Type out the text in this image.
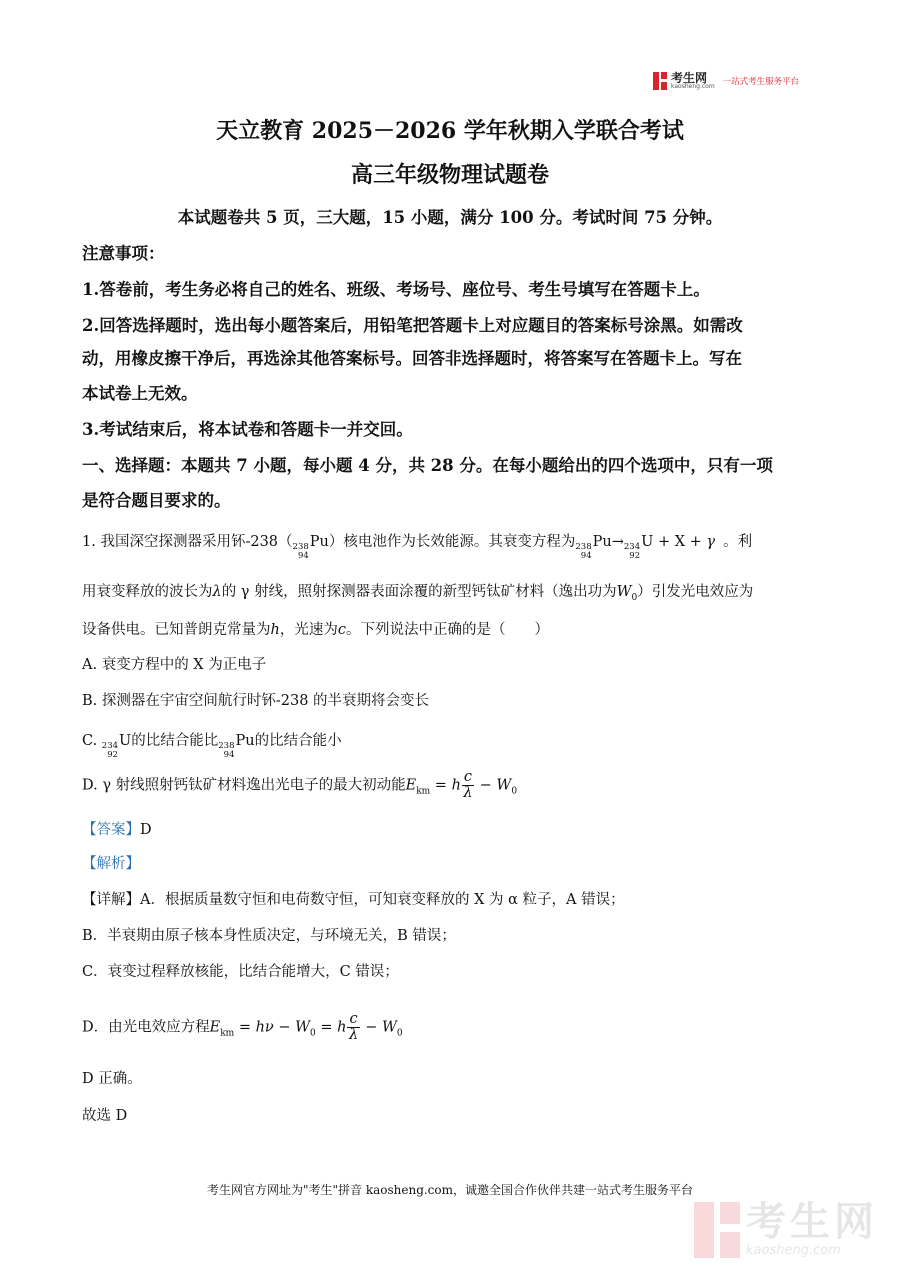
考生网
kaosheng.com 一站式考生服务平台
天立教育 2025－2026 学年秋期入学联合考试
高三年级物理试题卷
本试题卷共 5 页，三大题，15 小题，满分 100 分。考试时间 75 分钟。
注意事项：
1.答卷前，考生务必将自己的姓名、班级、考场号、座位号、考生号填写在答题卡上。
2.回答选择题时，选出每小题答案后，用铅笔把答题卡上对应题目的答案标号涂黑。如需改
动，用橡皮擦干净后，再选涂其他答案标号。回答非选择题时，将答案写在答题卡上。写在
本试卷上无效。
3.考试结束后，将本试卷和答题卡一并交回。
一、选择题：本题共 7 小题，每小题 4 分，共 28 分。在每小题给出的四个选项中，只有一项
是符合题目要求的。
1. 我国深空探测器采用钚-238（ 238
94
Pu）核电池作为长效能源。其衰变方程为 238
94
Pu→ 234
92
U + X + γ 。利
用衰变释放的波长为λ的 γ 射线，照射探测器表面涂覆的新型钙钛矿材料（逸出功为$W_0$）引发光电效应为
设备供电。已知普朗克常量为h，光速为c。下列说法中正确的是（　　）
A. 衰变方程中的 X 为正电子
B. 探测器在宇宙空间航行时钚-238 的半衰期将会变长
C. 234
92
U的比结合能比 238
94
Pu的比结合能小
D. γ 射线照射钙钛矿材料逸出光电子的最大初动能$E_{km} = h \frac{c}{\lambda} - W_0$
【答案】D
【解析】
【详解】A．根据质量数守恒和电荷数守恒，可知衰变释放的 X 为 α 粒子，A 错误；
B．半衰期由原子核本身性质决定，与环境无关，B 错误；
C．衰变过程释放核能，比结合能增大，C 错误；
D．由光电效应方程$E_{km} = h\nu - W_0 = h \frac{c}{\lambda} - W_0$
D 正确。
故选 D
考生网官方网址为"考生"拼音 kaosheng.com，诚邀全国合作伙伴共建一站式考生服务平台
考生网
kaosheng.com
